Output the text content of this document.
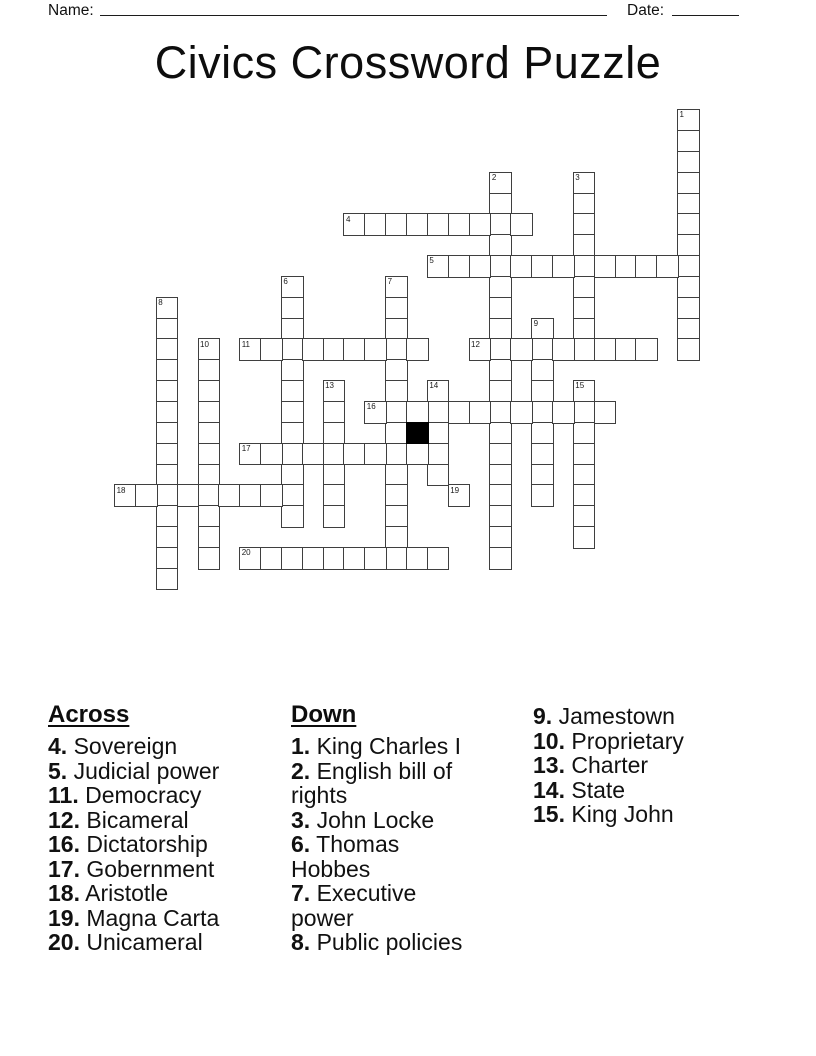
Name:	Date:
Civics Crossword Puzzle
1
2	3
4
5
6	7
8
9
10	11	12
13	14	15
16
17
18	19
20
Across
4. Sovereign
5. Judicial power
11. Democracy
12. Bicameral
16. Dictatorship
17. Gobernment
18. Aristotle
19. Magna Carta
20. Unicameral
Down
1. King Charles I
2. English bill of
rights
3. John Locke
6. Thomas
Hobbes
7. Executive
power
8. Public policies
9. Jamestown
10. Proprietary
13. Charter
14. State
15. King John
